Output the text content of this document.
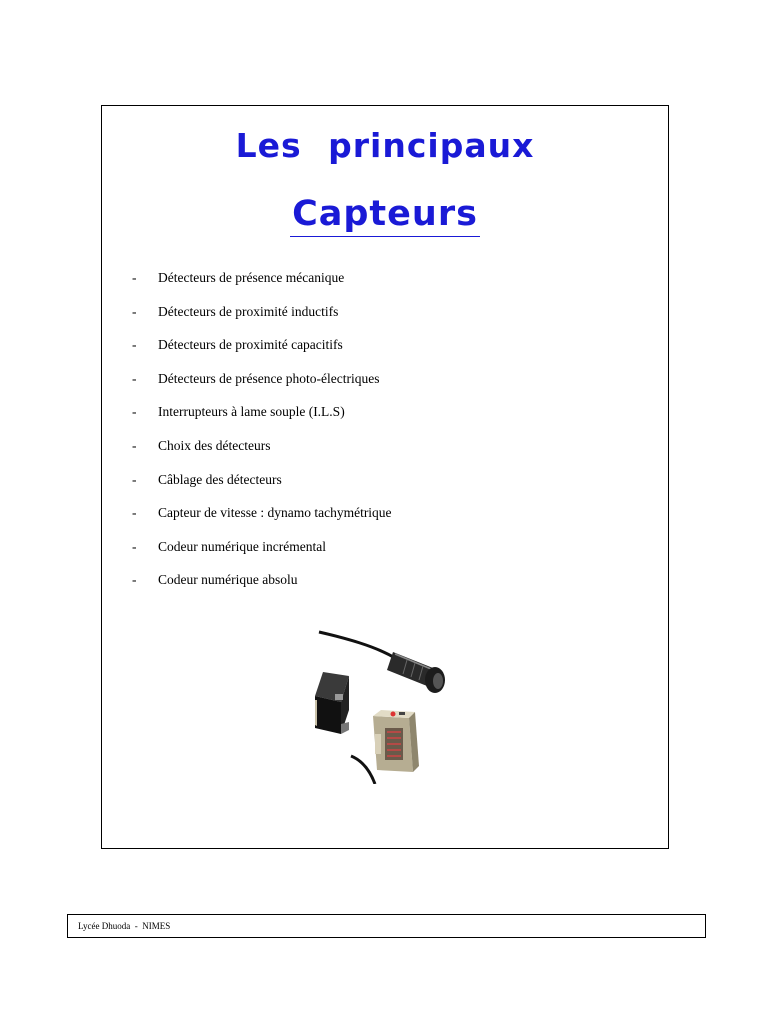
Les principaux
Capteurs
- Détecteurs de présence mécanique
- Détecteurs de proximité inductifs
- Détecteurs de proximité capacitifs
- Détecteurs de présence photo-électriques
- Interrupteurs à lame souple (I.L.S)
- Choix des détecteurs
- Câblage des détecteurs
- Capteur de vitesse : dynamo tachymétrique
- Codeur numérique incrémental
- Codeur numérique absolu
Lycée Dhuoda  -  NIMES
